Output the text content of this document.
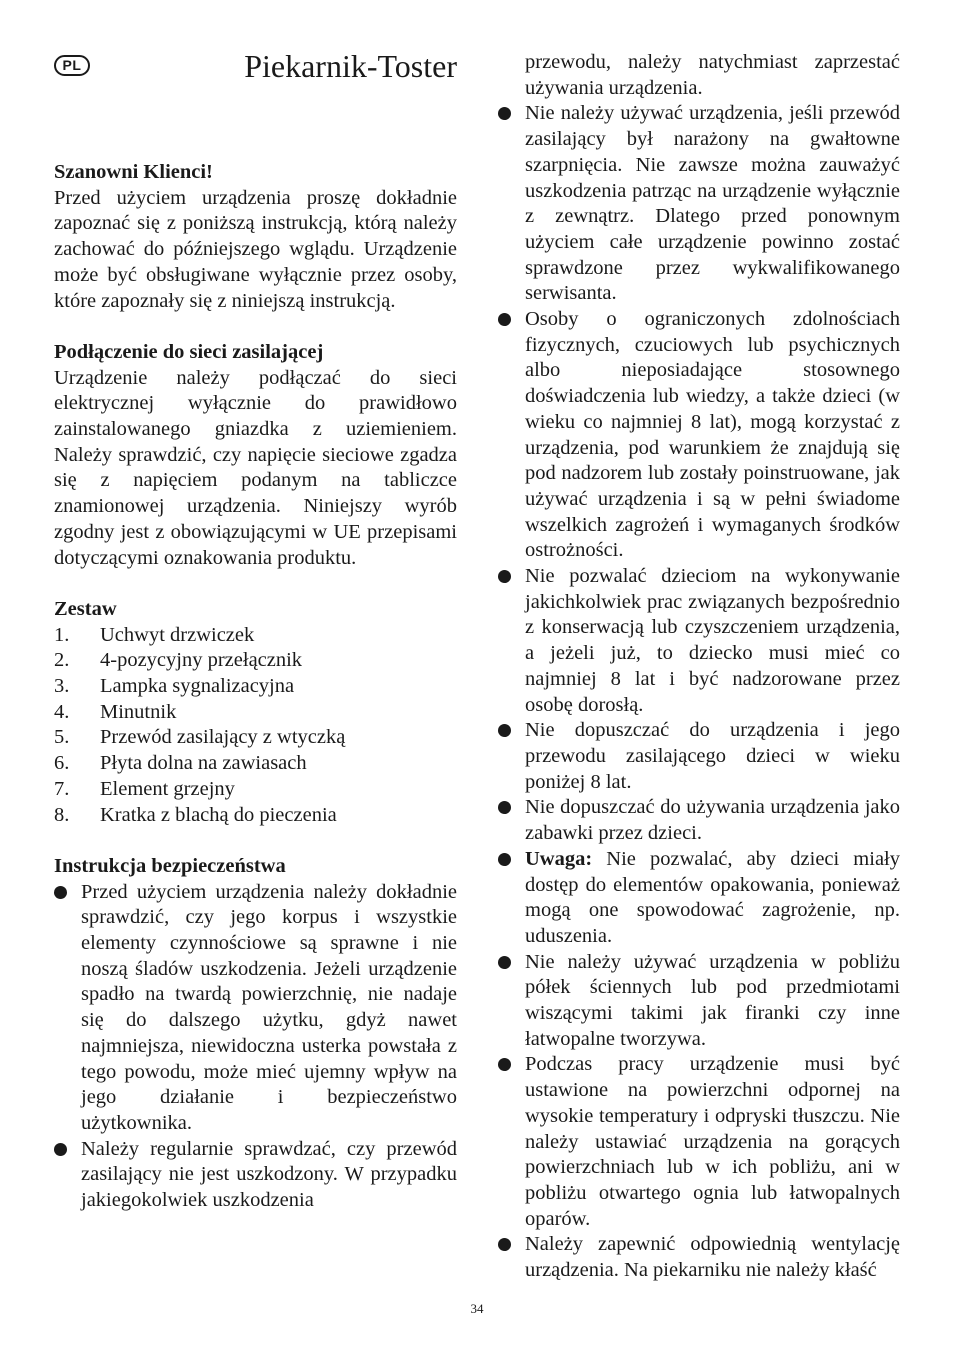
PL	Piekarnik-Toster
Szanowni Klienci!
Przed użyciem urządzenia proszę dokładnie zapoznać się z poniższą instrukcją, którą należy zachować do późniejszego wglądu. Urządzenie może być obsługiwane wyłącznie przez osoby, które zapoznały się z niniejszą instrukcją.
Podłączenie do sieci zasilającej
Urządzenie należy podłączać do sieci elektrycznej wyłącznie do prawidłowo zainstalowanego gniazdka z uziemieniem. Należy sprawdzić, czy napięcie sieciowe zgadza się z napięciem podanym na tabliczce znamionowej urządzenia. Niniejszy wyrób zgodny jest z obowiązującymi w UE przepisami dotyczącymi oznakowania produktu.
Zestaw
1.	Uchwyt drzwiczek
2.	4-pozycyjny przełącznik
3.	Lampka sygnalizacyjna
4.	Minutnik
5.	Przewód zasilający z wtyczką
6.	Płyta dolna na zawiasach
7.	Element grzejny
8.	Kratka z blachą do pieczenia
Instrukcja bezpieczeństwa
Przed użyciem urządzenia należy dokładnie sprawdzić, czy jego korpus i wszystkie elementy czynnościowe są sprawne i nie noszą śladów uszkodzenia. Jeżeli urządzenie spadło na twardą powierzchnię, nie nadaje się do dalszego użytku, gdyż nawet najmniejsza, niewidoczna usterka powstała z tego powodu, może mieć ujemny wpływ na jego działanie i bezpieczeństwo użytkownika.
Należy regularnie sprawdzać, czy przewód zasilający nie jest uszkodzony. W przypadku jakiegokolwiek uszkodzenia
przewodu, należy natychmiast zaprzestać używania urządzenia.
Nie należy używać urządzenia, jeśli przewód zasilający był narażony na gwałtowne szarpnięcia. Nie zawsze można zauważyć uszkodzenia patrząc na urządzenie wyłącznie z zewnątrz. Dlatego przed ponownym użyciem całe urządzenie powinno zostać sprawdzone przez wykwalifikowanego serwisanta.
Osoby o ograniczonych zdolnościach fizycznych, czuciowych lub psychicznych albo nieposiadające stosownego doświadczenia lub wiedzy, a także dzieci (w wieku co najmniej 8 lat), mogą korzystać z urządzenia, pod warunkiem że znajdują się pod nadzorem lub zostały poinstruowane, jak używać urządzenia i są w pełni świadome wszelkich zagrożeń i wymaganych środków ostrożności.
Nie pozwalać dzieciom na wykonywanie jakichkolwiek prac związanych bezpośrednio z konserwacją lub czyszczeniem urządzenia, a jeżeli już, to dziecko musi mieć co najmniej 8 lat i być nadzorowane przez osobę dorosłą.
Nie dopuszczać do urządzenia i jego przewodu zasilającego dzieci w wieku poniżej 8 lat.
Nie dopuszczać do używania urządzenia jako zabawki przez dzieci.
Uwaga: Nie pozwalać, aby dzieci miały dostęp do elementów opakowania, ponieważ mogą one spowodować zagrożenie, np. uduszenia.
Nie należy używać urządzenia w pobliżu półek ściennych lub pod przedmiotami wiszącymi takimi jak firanki czy inne łatwopalne tworzywa.
Podczas pracy urządzenie musi być ustawione na powierzchni odpornej na wysokie temperatury i odpryski tłuszczu. Nie należy ustawiać urządzenia na gorących powierzchniach lub w ich pobliżu, ani w pobliżu otwartego ognia lub łatwopalnych oparów.
Należy zapewnić odpowiednią wentylację urządzenia. Na piekarniku nie należy kłaść
34
